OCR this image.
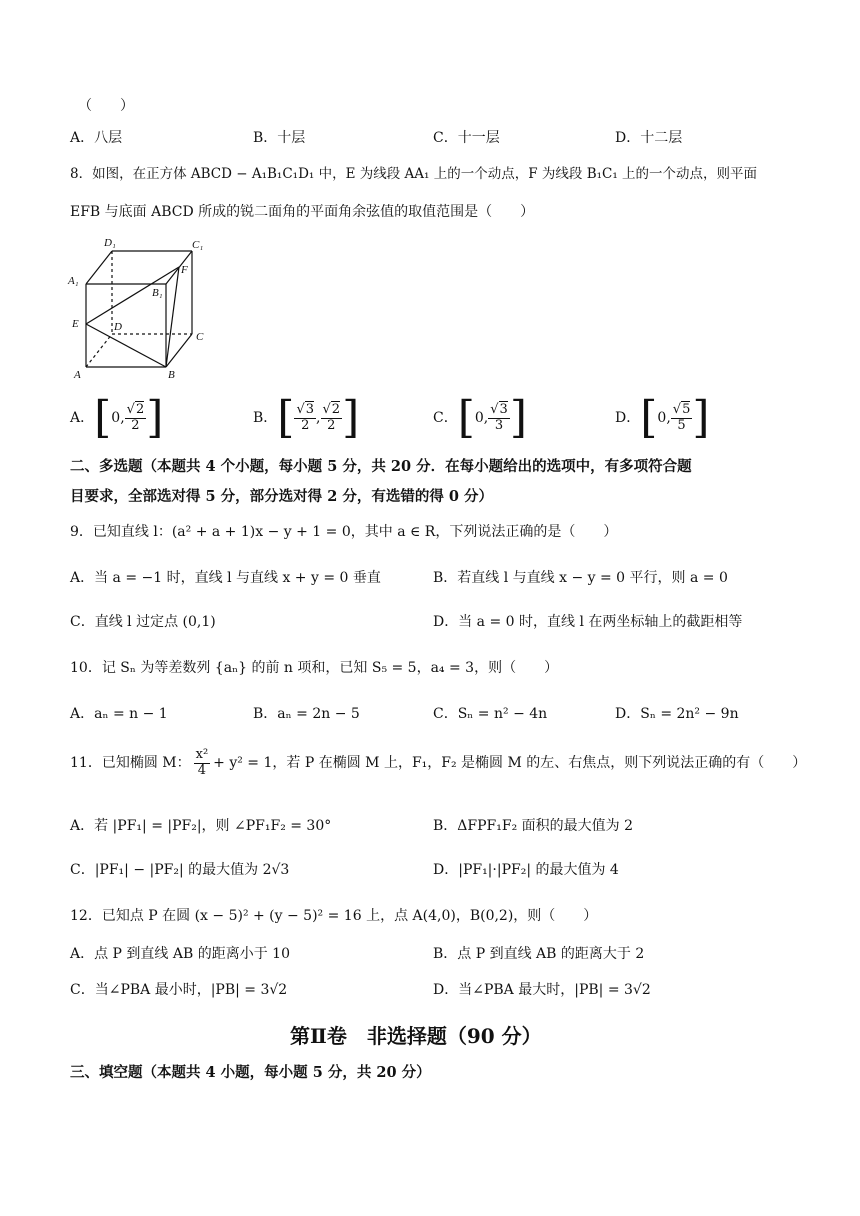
（　　）
A．八层	B．十层	C．十一层	D．十二层
8．如图，在正方体 ABCD − A₁B₁C₁D₁ 中，E 为线段 AA₁ 上的一个动点，F 为线段 B₁C₁ 上的一个动点，则平面
EFB 与底面 ABCD 所成的锐二面角的平面角余弦值的取值范围是（　　）
A	B
C
D
A₁
B₁
C₁
D₁
E
F
A． [ 0, $\frac{√2}{2}$ ]	B． [ $\frac{√3}{2}$ , $\frac{√2}{2}$ ]	C． [ 0, $\frac{√3}{3}$ ]	D． [ 0, $\frac{√5}{5}$ ]
二、多选题（本题共 4 个小题，每小题 5 分，共 20 分．在每小题给出的选项中，有多项符合题
目要求，全部选对得 5 分，部分选对得 2 分，有选错的得 0 分）
9．已知直线 l：(a² + a + 1)x − y + 1 = 0，其中 a ∈ R，下列说法正确的是（　　）
A．当 a = −1 时，直线 l 与直线 x + y = 0 垂直	B．若直线 l 与直线 x − y = 0 平行，则 a = 0
C．直线 l 过定点 (0,1)	D．当 a = 0 时，直线 l 在两坐标轴上的截距相等
10．记 Sₙ 为等差数列 {aₙ} 的前 n 项和，已知 S₅ = 5，a₄ = 3，则（　　）
A．aₙ = n − 1	B．aₙ = 2n − 5	C．Sₙ = n² − 4n	D．Sₙ = 2n² − 9n
11．已知椭圆 M： $\frac{\text{x²}}{4} + y^2 = 1$，若 P 在椭圆 M 上，F₁，F₂ 是椭圆 M 的左、右焦点，则下列说法正确的有（　　）
A．若 |PF₁| = |PF₂|，则 ∠PF₁F₂ = 30°	B．ΔFPF₁F₂ 面积的最大值为 2
C．|PF₁| − |PF₂| 的最大值为 2√3	D．|PF₁|·|PF₂| 的最大值为 4
12．已知点 P 在圆 (x − 5)² + (y − 5)² = 16 上，点 A(4,0)，B(0,2)，则（　　）
A．点 P 到直线 AB 的距离小于 10	B．点 P 到直线 AB 的距离大于 2
C．当∠PBA 最小时，|PB| = 3√2	D．当∠PBA 最大时，|PB| = 3√2
第Ⅱ卷　非选择题（90 分）
三、填空题（本题共 4 小题，每小题 5 分，共 20 分）
